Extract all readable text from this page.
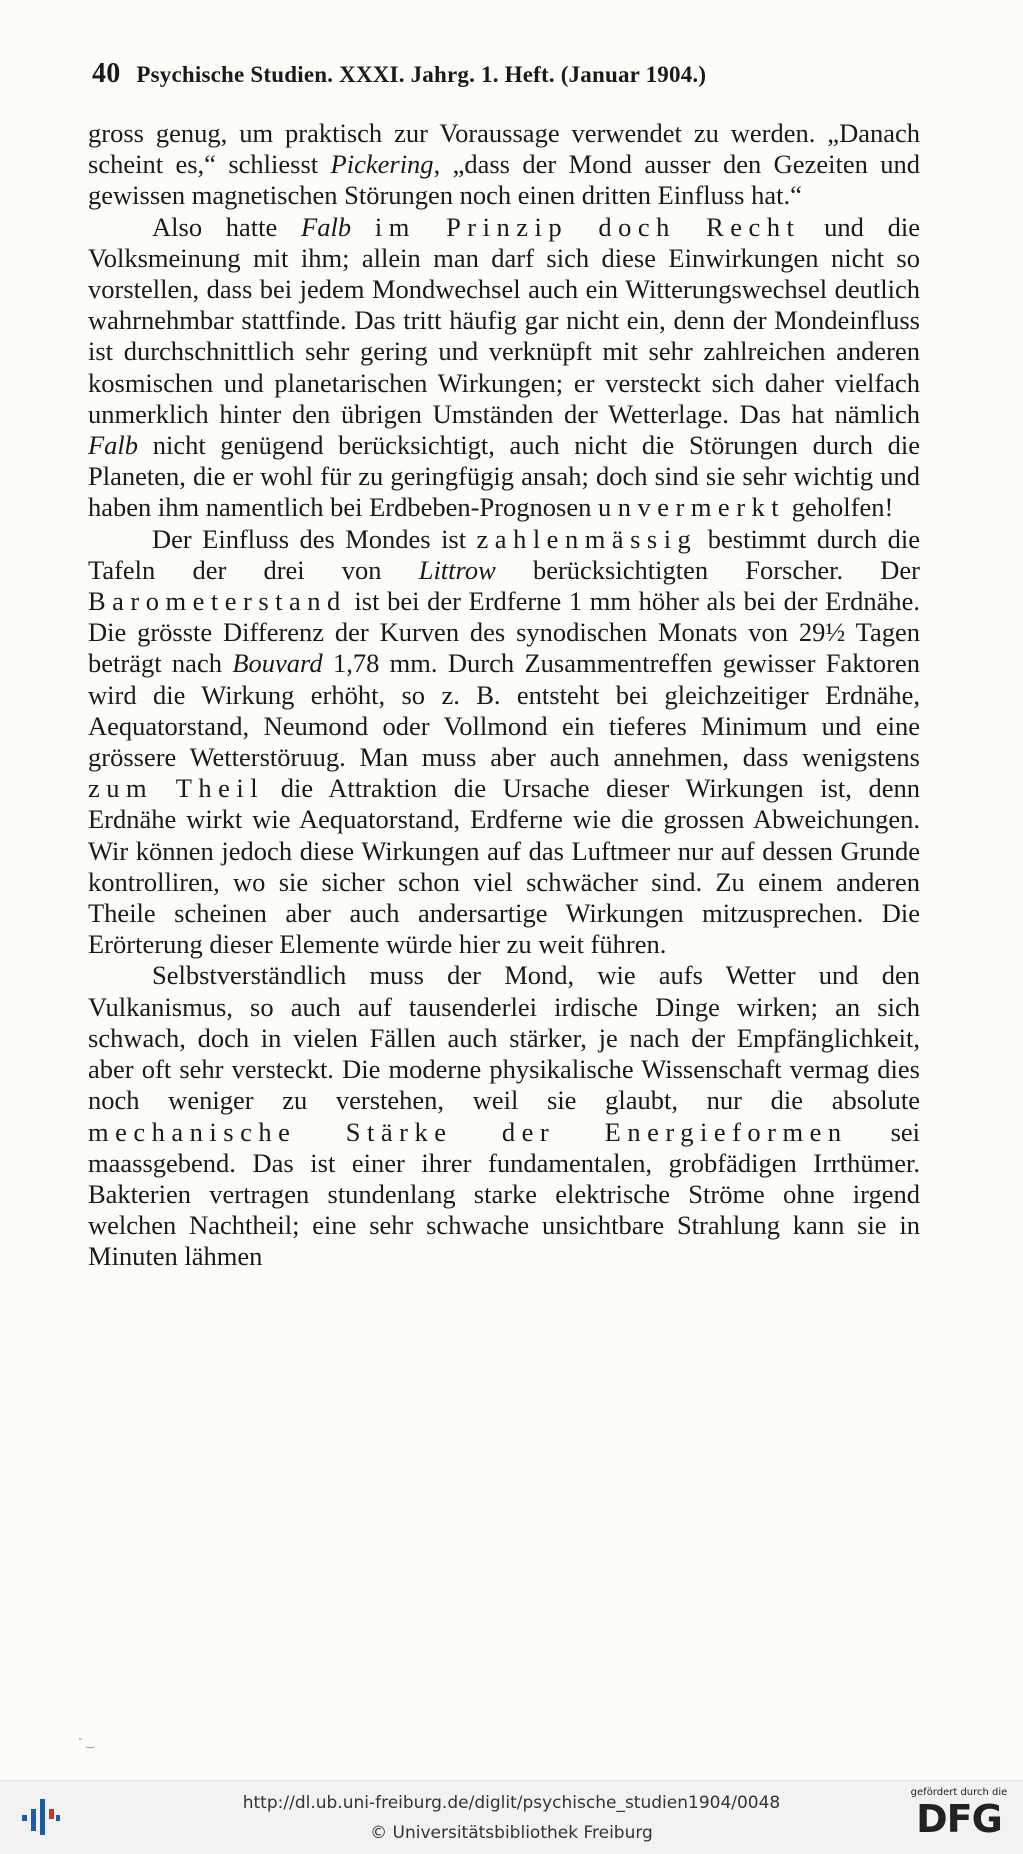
40 Psychische Studien. XXXI. Jahrg. 1. Heft. (Januar 1904.)

gross genug, um praktisch zur Voraussage verwendet zu werden. „Danach scheint es,“ schliesst Pickering, „dass der Mond ausser den Gezeiten und gewissen magnetischen Störungen noch einen dritten Einfluss hat.“

Also hatte Falb im Prinzip doch Recht und die Volksmeinung mit ihm; allein man darf sich diese Einwirkungen nicht so vorstellen, dass bei jedem Mondwechsel auch ein Witterungswechsel deutlich wahrnehmbar stattfinde. Das tritt häufig gar nicht ein, denn der Mondeinfluss ist durchschnittlich sehr gering und verknüpft mit sehr zahlreichen anderen kosmischen und planetarischen Wirkungen; er versteckt sich daher vielfach unmerklich hinter den übrigen Umständen der Wetterlage. Das hat nämlich Falb nicht genügend berücksichtigt, auch nicht die Störungen durch die Planeten, die er wohl für zu geringfügig ansah; doch sind sie sehr wichtig und haben ihm namentlich bei Erdbeben-Prognosen unvermerkt geholfen!

Der Einfluss des Mondes ist zahlenmässig bestimmt durch die Tafeln der drei von Littrow berücksichtigten Forscher. Der Barometerstand ist bei der Erdferne 1 mm höher als bei der Erdnähe. Die grösste Differenz der Kurven des synodischen Monats von 29½ Tagen beträgt nach Bouvard 1,78 mm. Durch Zusammentreffen gewisser Faktoren wird die Wirkung erhöht, so z. B. entsteht bei gleichzeitiger Erdnähe, Aequatorstand, Neumond oder Vollmond ein tieferes Minimum und eine grössere Wetterstöruug. Man muss aber auch annehmen, dass wenigstens zum Theil die Attraktion die Ursache dieser Wirkungen ist, denn Erdnähe wirkt wie Aequatorstand, Erdferne wie die grossen Abweichungen. Wir können jedoch diese Wirkungen auf das Luftmeer nur auf dessen Grunde kontrolliren, wo sie sicher schon viel schwächer sind. Zu einem anderen Theile scheinen aber auch andersartige Wirkungen mitzusprechen. Die Erörterung dieser Elemente würde hier zu weit führen.

Selbstverständlich muss der Mond, wie aufs Wetter und den Vulkanismus, so auch auf tausenderlei irdische Dinge wirken; an sich schwach, doch in vielen Fällen auch stärker, je nach der Empfänglichkeit, aber oft sehr versteckt. Die moderne physikalische Wissenschaft vermag dies noch weniger zu verstehen, weil sie glaubt, nur die absolute mechanische Stärke der Energieformen sei maassgebend. Das ist einer ihrer fundamentalen, grobfädigen Irrthümer. Bakterien vertragen stundenlang starke elektrische Ströme ohne irgend welchen Nachtheil; eine sehr schwache unsichtbare Strahlung kann sie in Minuten lähmen

˘ ‿
http://dl.ub.uni-freiburg.de/diglit/psychische_studien1904/0048
© Universitätsbibliothek Freiburg
gefördert durch die
DFG
